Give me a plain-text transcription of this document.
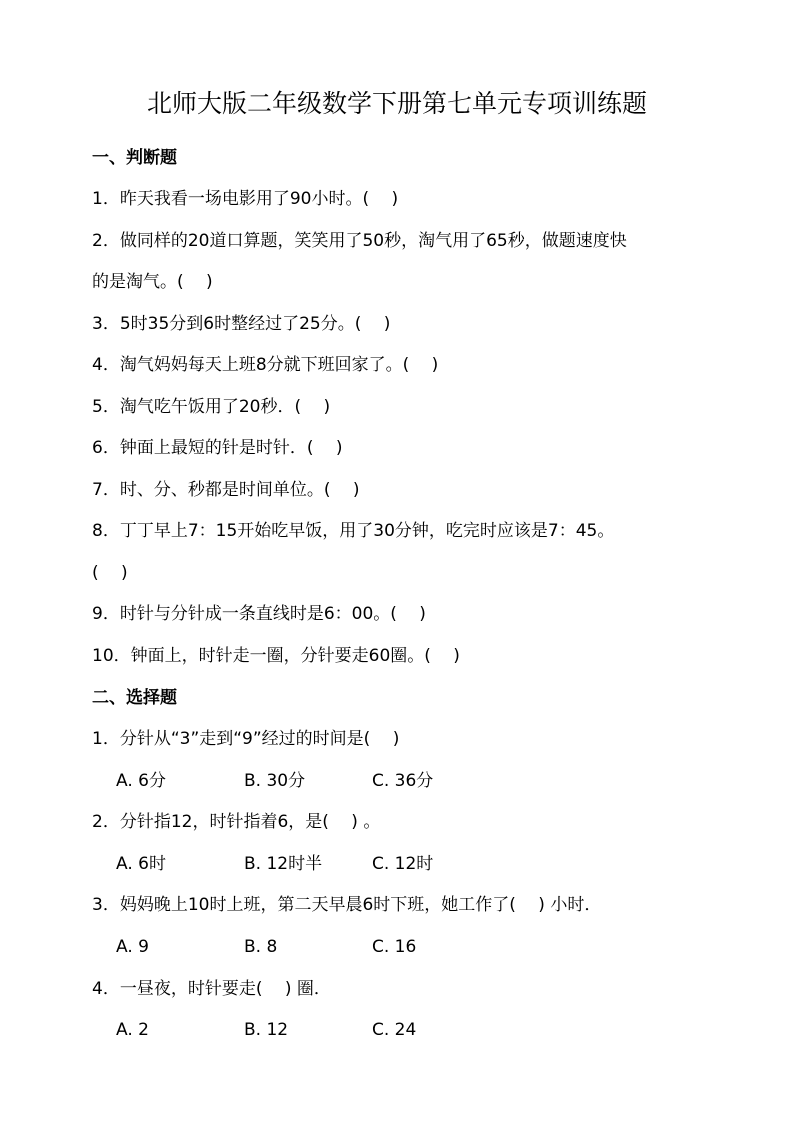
北师大版二年级数学下册第七单元专项训练题
一、判断题
1．昨天我看一场电影用了90小时。(　 )
2．做同样的20道口算题，笑笑用了50秒，淘气用了65秒，做题速度快
的是淘气。(　 )
3．5时35分到6时整经过了25分。(　 )
4．淘气妈妈每天上班8分就下班回家了。(　 )
5．淘气吃午饭用了20秒．(　 )
6．钟面上最短的针是时针．(　 )
7．时、分、秒都是时间单位。(　 )
8．丁丁早上7：15开始吃早饭，用了30分钟，吃完时应该是7：45。
(　 )
9．时针与分针成一条直线时是6：00。(　 )
10．钟面上，时针走一圈，分针要走60圈。(　 )
二、选择题
1．分针从“3”走到“9”经过的时间是(　 )
A. 6分	B. 30分	C. 36分
2．分针指12，时针指着6，是(　 ) 。
A. 6时	B. 12时半	C. 12时
3．妈妈晚上10时上班，第二天早晨6时下班，她工作了(　 ) 小时．
A. 9	B. 8	C. 16
4．一昼夜，时针要走(　 ) 圈．
A. 2	B. 12	C. 24
